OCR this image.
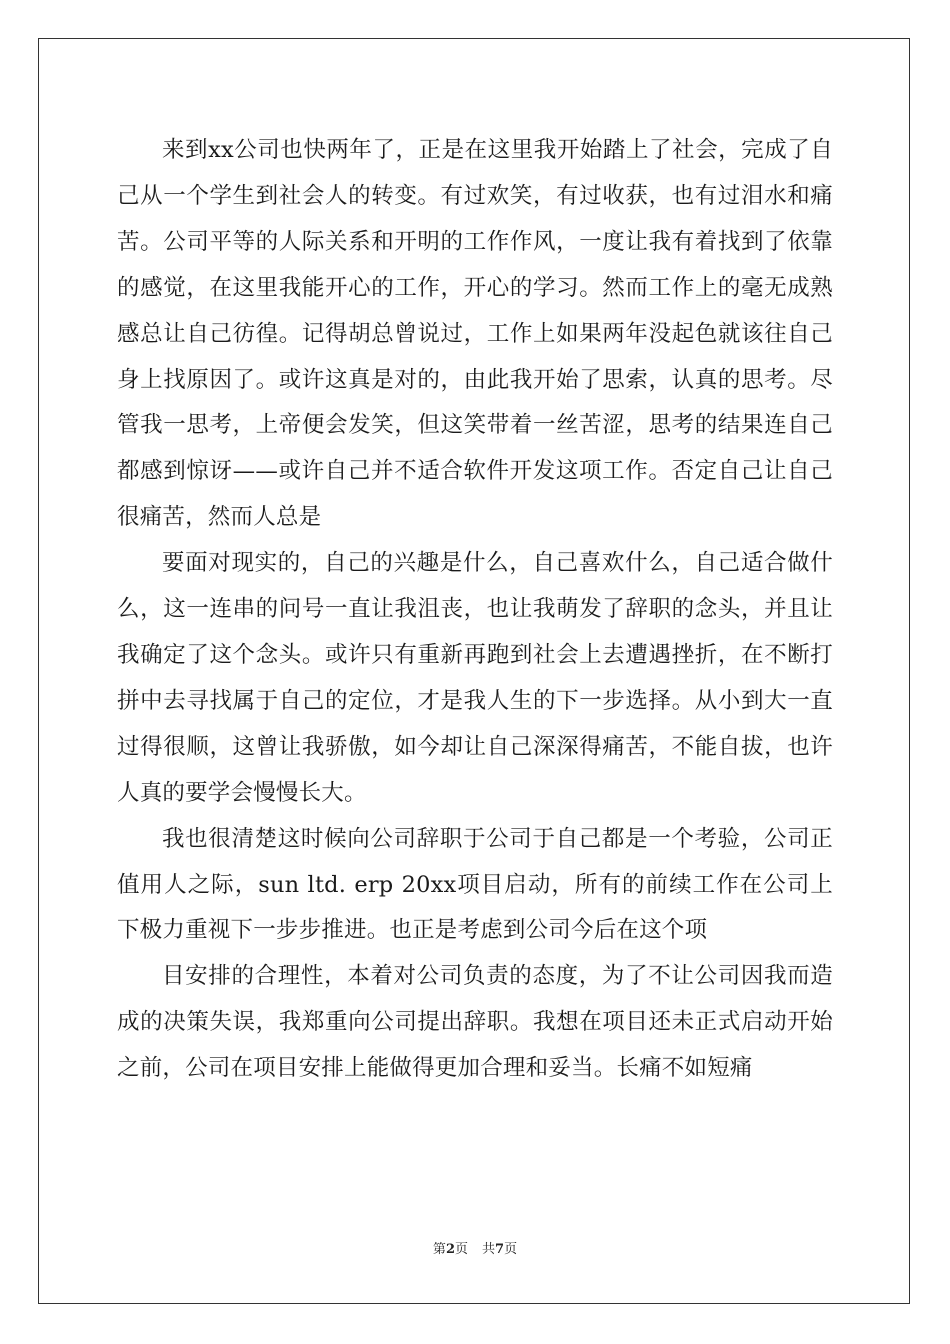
来到xx公司也快两年了，正是在这里我开始踏上了社会，完成了自己从一个学生到社会人的转变。有过欢笑，有过收获，也有过泪水和痛苦。公司平等的人际关系和开明的工作作风，一度让我有着找到了依靠的感觉，在这里我能开心的工作，开心的学习。然而工作上的毫无成熟感总让自己彷徨。记得胡总曾说过，工作上如果两年没起色就该往自己身上找原因了。或许这真是对的，由此我开始了思索，认真的思考。尽管我一思考，上帝便会发笑，但这笑带着一丝苦涩，思考的结果连自己都感到惊讶——或许自己并不适合软件开发这项工作。否定自己让自己很痛苦，然而人总是

要面对现实的，自己的兴趣是什么，自己喜欢什么，自己适合做什么，这一连串的问号一直让我沮丧，也让我萌发了辞职的念头，并且让我确定了这个念头。或许只有重新再跑到社会上去遭遇挫折，在不断打拼中去寻找属于自己的定位，才是我人生的下一步选择。从小到大一直过得很顺，这曾让我骄傲，如今却让自己深深得痛苦，不能自拔，也许人真的要学会慢慢长大。

我也很清楚这时候向公司辞职于公司于自己都是一个考验，公司正值用人之际，sun ltd. erp 20xx项目启动，所有的前续工作在公司上下极力重视下一步步推进。也正是考虑到公司今后在这个项

目安排的合理性，本着对公司负责的态度，为了不让公司因我而造成的决策失误，我郑重向公司提出辞职。我想在项目还未正式启动开始之前，公司在项目安排上能做得更加合理和妥当。长痛不如短痛

第2页 共7页
